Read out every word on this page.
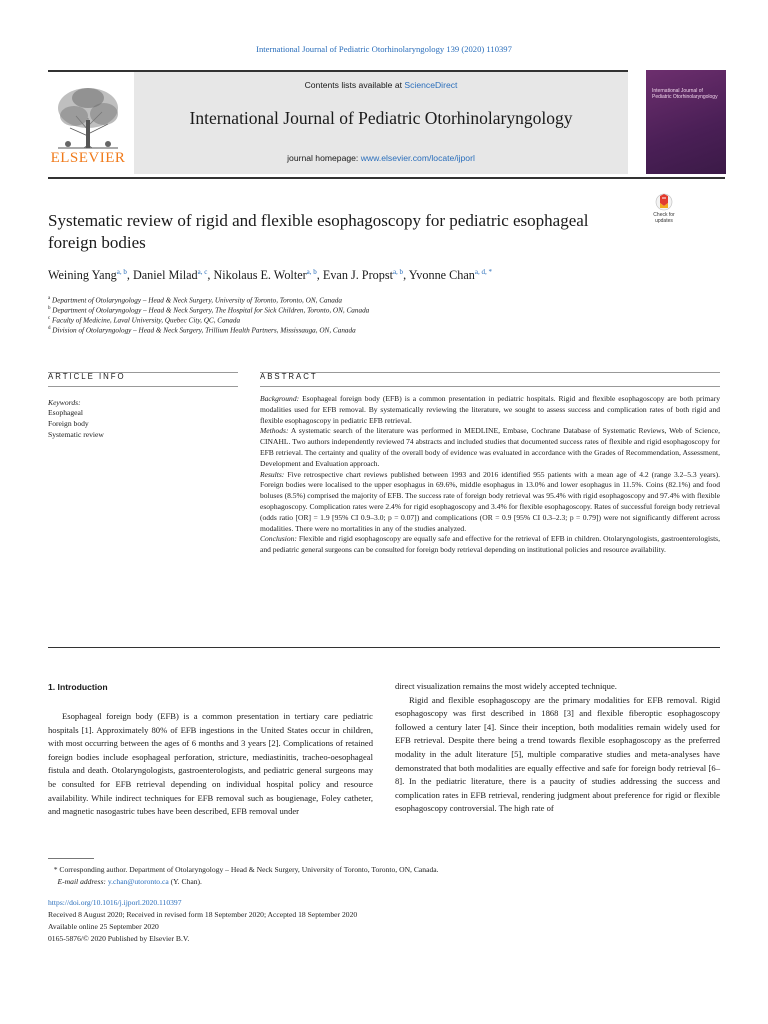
International Journal of Pediatric Otorhinolaryngology 139 (2020) 110397
ELSEVIER
Contents lists available at ScienceDirect
International Journal of Pediatric Otorhinolaryngology
journal homepage: www.elsevier.com/locate/ijporl
International Journal of Pediatric Otorhinolaryngology
Check for updates
Systematic review of rigid and flexible esophagoscopy for pediatric esophageal foreign bodies
Weining Yang$^{a, b}$, Daniel Milad$^{a, c}$, Nikolaus E. Wolter$^{a, b}$, Evan J. Propst$^{a, b}$, Yvonne Chan$^{a, d, *}$
$^a$ Department of Otolaryngology – Head & Neck Surgery, University of Toronto, Toronto, ON, Canada
$^b$ Department of Otolaryngology – Head & Neck Surgery, The Hospital for Sick Children, Toronto, ON, Canada
$^c$ Faculty of Medicine, Laval University, Quebec City, QC, Canada
$^d$ Division of Otolaryngology – Head & Neck Surgery, Trillium Health Partners, Mississauga, ON, Canada
ARTICLE INFO	ABSTRACT
Keywords:
Esophageal
Foreign body
Systematic review

Background: Esophageal foreign body (EFB) is a common presentation in pediatric hospitals. Rigid and flexible esophagoscopy are both primary modalities used for EFB removal. By systematically reviewing the literature, we sought to assess success and complication rates of both rigid and flexible esophagoscopy in pediatric EFB retrieval.

Methods: A systematic search of the literature was performed in MEDLINE, Embase, Cochrane Database of Systematic Reviews, Web of Science, CINAHL. Two authors independently reviewed 74 abstracts and included studies that documented success rates of flexible and rigid esophagoscopy for EFB retrieval. The certainty and quality of the overall body of evidence was evaluated in accordance with the Grades of Recommendation, Assessment, Development and Evaluation approach.

Results: Five retrospective chart reviews published between 1993 and 2016 identified 955 patients with a mean age of 4.2 (range 3.2–5.3 years). Foreign bodies were localised to the upper esophagus in 69.6%, middle esophagus in 13.0% and lower esophagus in 11.5%. Coins (82.1%) and food boluses (8.5%) comprised the majority of EFB. The success rate of foreign body retrieval was 95.4% with rigid esophagoscopy and 97.4% with flexible esophagoscopy. Complication rates were 2.4% for rigid esophagoscopy and 3.4% for flexible esophagoscopy. Rates of successful foreign body retrieval (odds ratio [OR] = 1.9 [95% CI 0.9–3.0; p = 0.07]) and complications (OR = 0.9 [95% CI 0.3–2.3; p = 0.79]) were not significantly different across modalities. There were no mortalities in any of the studies analyzed.

Conclusion: Flexible and rigid esophagoscopy are equally safe and effective for the retrieval of EFB in children. Otolaryngologists, gastroenterologists, and pediatric general surgeons can be consulted for foreign body retrieval depending on institutional policies and resource availability.

1. Introduction

Esophageal foreign body (EFB) is a common presentation in tertiary care pediatric hospitals [1]. Approximately 80% of EFB ingestions in the United States occur in children, with most occurring between the ages of 6 months and 3 years [2]. Complications of retained foreign bodies include esophageal perforation, stricture, mediastinitis, tracheo-oesophageal fistula and death. Otolaryngologists, gastroenterologists, and pediatric general surgeons may be consulted for EFB retrieval depending on individual hospital policy and resource availability. While indirect techniques for EFB removal such as bougienage, Foley catheter, and magnetic nasogastric tubes have been described, EFB removal under

direct visualization remains the most widely accepted technique.

Rigid and flexible esophagoscopy are the primary modalities for EFB removal. Rigid esophagoscopy was first described in 1868 [3] and flexible fiberoptic esophagoscopy followed a century later [4]. Since their inception, both modalities remain widely used for EFB retrieval. Despite there being a trend towards flexible esophagoscopy as the preferred modality in the adult literature [5], multiple comparative studies and meta-analyses have demonstrated that both modalities are equally effective and safe for foreign body retrieval [6–8]. In the pediatric literature, there is a paucity of studies addressing the success and complication rates in EFB retrieval, rendering judgment about preference for rigid or flexible esophagoscopy controversial. The high rate of

* Corresponding author. Department of Otolaryngology – Head & Neck Surgery, University of Toronto, Toronto, ON, Canada.
E-mail address: y.chan@utoronto.ca (Y. Chan).
https://doi.org/10.1016/j.ijporl.2020.110397
Received 8 August 2020; Received in revised form 18 September 2020; Accepted 18 September 2020
Available online 25 September 2020
0165-5876/© 2020 Published by Elsevier B.V.
